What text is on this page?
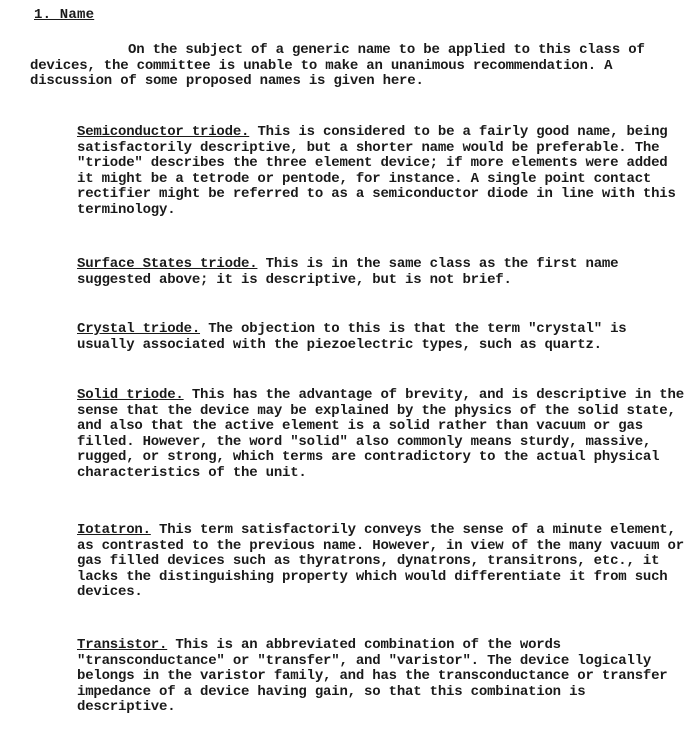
1. Name

On the subject of a generic name to be applied to this class of devices, the committee is unable to make an unanimous recommendation. A discussion of some proposed names is given here.

Semiconductor triode. This is considered to be a fairly good name, being satisfactorily descriptive, but a shorter name would be preferable. The "triode" describes the three element device; if more elements were added it might be a tetrode or pentode, for instance. A single point contact rectifier might be referred to as a semiconductor diode in line with this terminology.

Surface States triode. This is in the same class as the first name suggested above; it is descriptive, but is not brief.

Crystal triode. The objection to this is that the term "crystal" is usually associated with the piezoelectric types, such as quartz.

Solid triode. This has the advantage of brevity, and is descriptive in the sense that the device may be explained by the physics of the solid state, and also that the active element is a solid rather than vacuum or gas filled. However, the word "solid" also commonly means sturdy, massive, rugged, or strong, which terms are contradictory to the actual physical characteristics of the unit.

Iotatron. This term satisfactorily conveys the sense of a minute element, as contrasted to the previous name. However, in view of the many vacuum or gas filled devices such as thyratrons, dynatrons, transitrons, etc., it lacks the distinguishing property which would differentiate it from such devices.

Transistor. This is an abbreviated combination of the words "transconductance" or "transfer", and "varistor". The device logically belongs in the varistor family, and has the transconductance or transfer impedance of a device having gain, so that this combination is descriptive.
